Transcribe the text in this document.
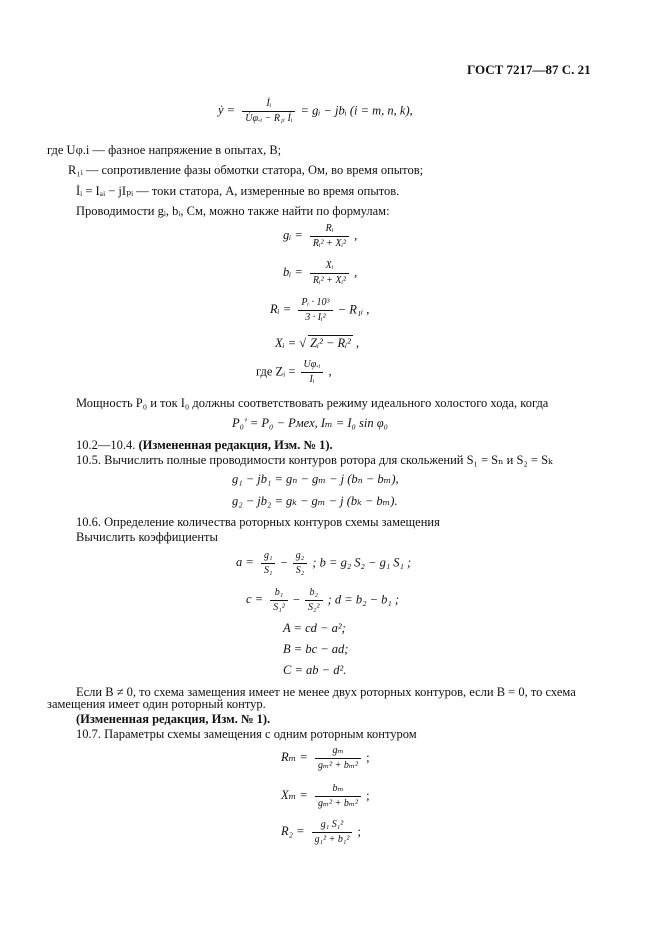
ГОСТ 7217—87 С. 21
ẏ = $\frac{\text{İᵢ}}{\text{U̇φ.ᵢ − R₁ᵢ İᵢ}}$ = gᵢ − jbᵢ (i = m, n, k),
где Uφ.i — фазное напряжение в опытах, В;
R₁ᵢ — сопротивление фазы обмотки статора, Ом, во время опытов;
İᵢ = Iₐᵢ − jIₚᵢ — токи статора, А, измеренные во время опытов.
Проводимости gᵢ, bᵢ, См, можно также найти по формулам:
gᵢ = $\frac{\text{Rᵢ}}{\text{Rᵢ² + Xᵢ²}}$ ,
bᵢ = $\frac{\text{Xᵢ}}{\text{Rᵢ² + Xᵢ²}}$ ,
Rᵢ = $\frac{\text{Pᵢ · 10³}}{\text{3 · Iᵢ²}}$ − R₁ᵢ ,
Xᵢ = √ Zᵢ² − Rᵢ² ,
где Zᵢ = $\frac{\text{Uφ.ᵢ}}{\text{Iᵢ}}$ ,
Мощность P₀ и ток I₀ должны соответствовать режиму идеального холостого хода, когда
P₀′ = P₀ − Pмех, Iₘ = I₀ sin φ₀
10.2—10.4. (Измененная редакция, Изм. № 1).
10.5. Вычислить полные проводимости контуров ротора для скольжений S₁ = Sₙ и S₂ = Sₖ
g₁ − jb₁ = gₙ − gₘ − j (bₙ − bₘ),
g₂ − jb₂ = gₖ − gₘ − j (bₖ − bₘ).
10.6. Определение количества роторных контуров схемы замещения
Вычислить коэффициенты
$a = \frac{\text{g₁}}{\text{S₁}} - \frac{\text{g₂}}{\text{S₂}}$ ; b = g₂ S₂ − g₁ S₁ ;
$c = \frac{\text{b₁}}{\text{S₁²}} - \frac{\text{b₂}}{\text{S₂²}}$ ; d = b₂ − b₁ ;
A = cd − a²;
B = bc − ad;
C = ab − d².
Если B ≠ 0, то схема замещения имеет не менее двух роторных контуров, если B = 0, то схема
замещения имеет один роторный контур.
(Измененная редакция, Изм. № 1).
10.7. Параметры схемы замещения с одним роторным контуром
$R_m = \frac{\text{gₘ}}{\text{gₘ² + bₘ²}}$ ;
$X_m = \frac{\text{bₘ}}{\text{gₘ² + bₘ²}}$ ;
$R_2 = \frac{\text{g₁ S₁²}}{\text{g₁² + b₁²}}$ ;
